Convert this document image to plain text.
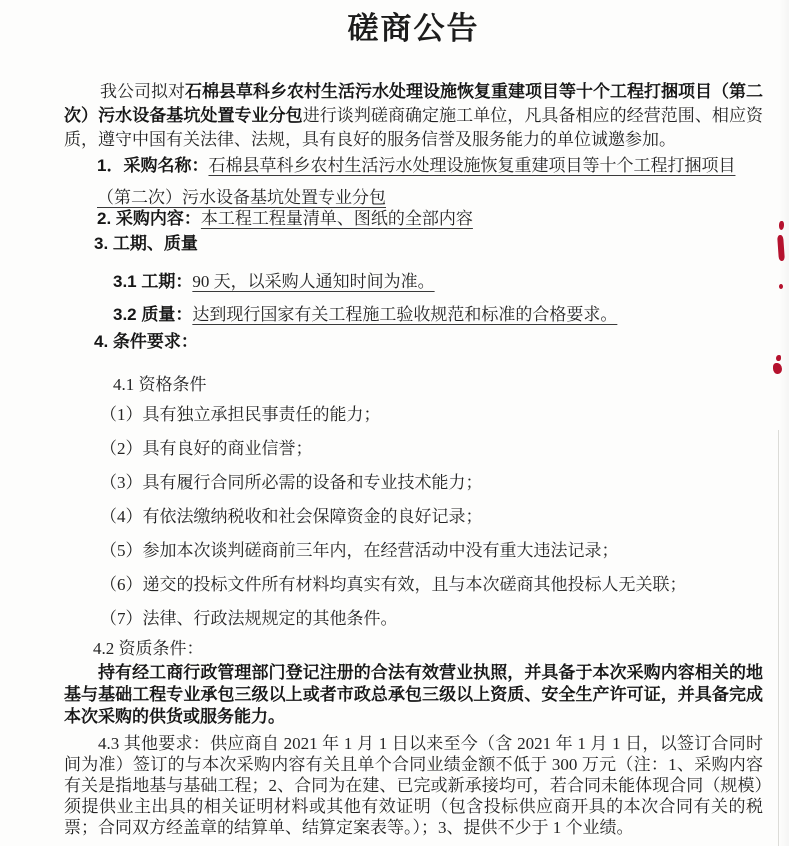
磋商公告
我公司拟对石棉县草科乡农村生活污水处理设施恢复重建项目等十个工程打捆项目（第二次）污水设备基坑处置专业分包进行谈判磋商确定施工单位，凡具备相应的经营范围、相应资质，遵守中国有关法律、法规，具有良好的服务信誉及服务能力的单位诚邀参加。
1．采购名称：石棉县草科乡农村生活污水处理设施恢复重建项目等十个工程打捆项目（第二次）污水设备基坑处置专业分包
2. 采购内容：本工程工程量清单、图纸的全部内容
3. 工期、质量
3.1 工期：90 天，以采购人通知时间为准。
3.2 质量：达到现行国家有关工程施工验收规范和标准的合格要求。
4. 条件要求：
4.1 资格条件
（1）具有独立承担民事责任的能力；
（2）具有良好的商业信誉；
（3）具有履行合同所必需的设备和专业技术能力；
（4）有依法缴纳税收和社会保障资金的良好记录；
（5）参加本次谈判磋商前三年内，在经营活动中没有重大违法记录；
（6）递交的投标文件所有材料均真实有效，且与本次磋商其他投标人无关联；
（7）法律、行政法规规定的其他条件。
4.2 资质条件：
持有经工商行政管理部门登记注册的合法有效营业执照，并具备于本次采购内容相关的地基与基础工程专业承包三级以上或者市政总承包三级以上资质、安全生产许可证，并具备完成本次采购的供货或服务能力。
4.3 其他要求：供应商自 2021 年 1 月 1 日以来至今（含 2021 年 1 月 1 日，以签订合同时间为准）签订的与本次采购内容有关且单个合同业绩金额不低于 300 万元（注：1、采购内容有关是指地基与基础工程；2、合同为在建、已完或新承接均可，若合同未能体现合同（规模）须提供业主出具的相关证明材料或其他有效证明（包含投标供应商开具的本次合同有关的税票；合同双方经盖章的结算单、结算定案表等。）；3、提供不少于 1 个业绩。
